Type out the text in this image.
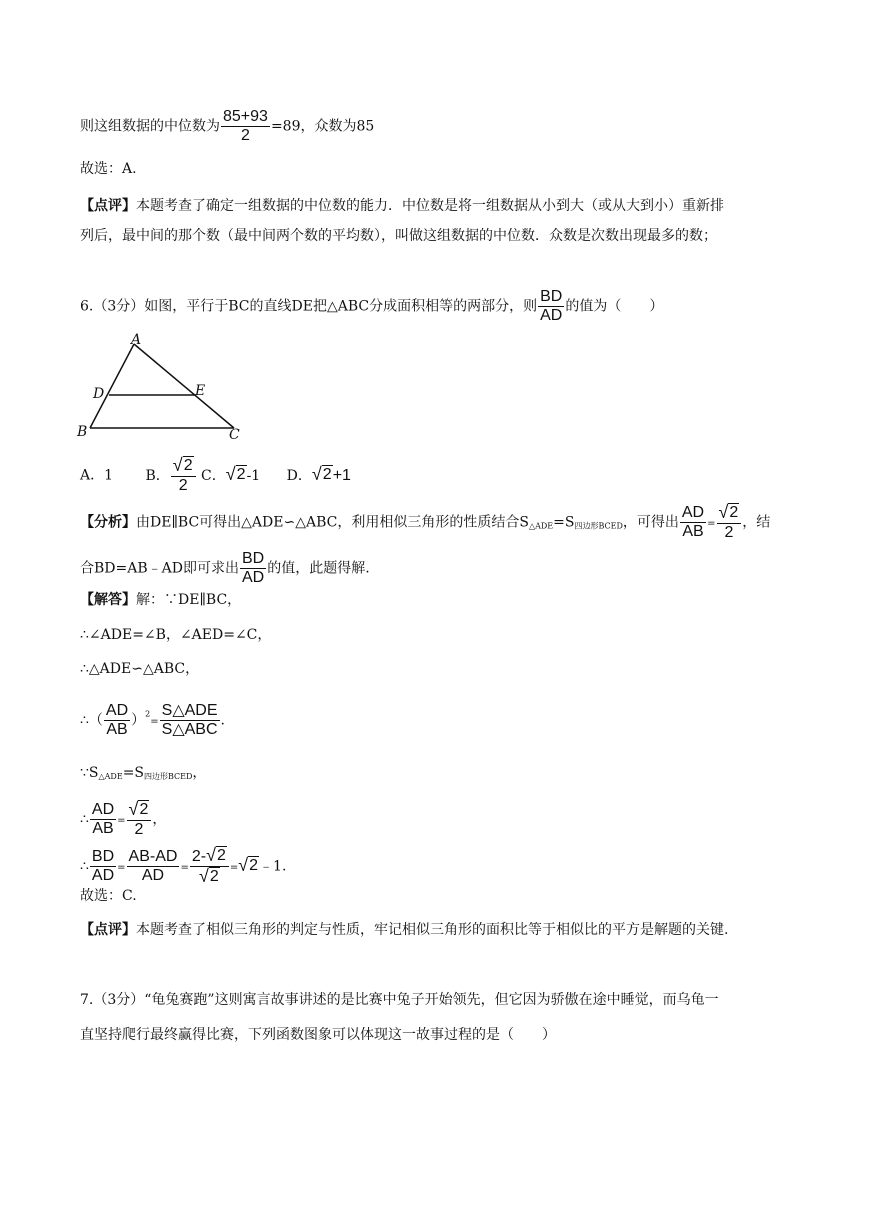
则这组数据的中位数为 $\frac{85+93}{2} =89$，众数为85
故选：A.
【点评】本题考查了确定一组数据的中位数的能力．中位数是将一组数据从小到大（或从大到小）重新排
列后，最中间的那个数（最中间两个数的平均数），叫做这组数据的中位数．众数是次数出现最多的数；
6.（3分）如图，平行于BC的直线DE把△ABC分成面积相等的两部分，则 $\frac{BD}{AD}$ 的值为（　　）
A
D	E
B	C
A．1 B． $\frac{√ 2}{2}$ C． √ 2 -1 D． √ 2 +1
【分析】由DE∥BC可得出△ADE∽△ABC，利用相似三角形的性质结合$S_{\triangle ADE}=S_{四边形BCED}$，可得出 $\frac{AD}{AB} = \frac{√ 2}{2}$ ，结
合BD=AB﹣AD即可求出 $\frac{BD}{AD}$ 的值，此题得解.
【解答】解：∵DE∥BC，
∴∠ADE=∠B，∠AED=∠C，
∴△ADE∽△ABC，
∴（ $\frac{AD}{AB} )^2= \frac{\text{S△ADE}}{\text{S△ABC}}$ .
$\because S_{\triangle ADE}=S_{四边形BCED}$，
∴ $\frac{AD}{AB} = \frac{√ 2}{2}$ ，
∴ $\frac{BD}{AD} = \frac{AB-AD}{AD} = \frac{2- √ 2}{√ 2}$ = √ 2 ﹣1.
故选：C.
【点评】本题考查了相似三角形的判定与性质，牢记相似三角形的面积比等于相似比的平方是解题的关键.
7.（3分）“龟兔赛跑”这则寓言故事讲述的是比赛中兔子开始领先，但它因为骄傲在途中睡觉，而乌龟一
直坚持爬行最终赢得比赛，下列函数图象可以体现这一故事过程的是（　　）
